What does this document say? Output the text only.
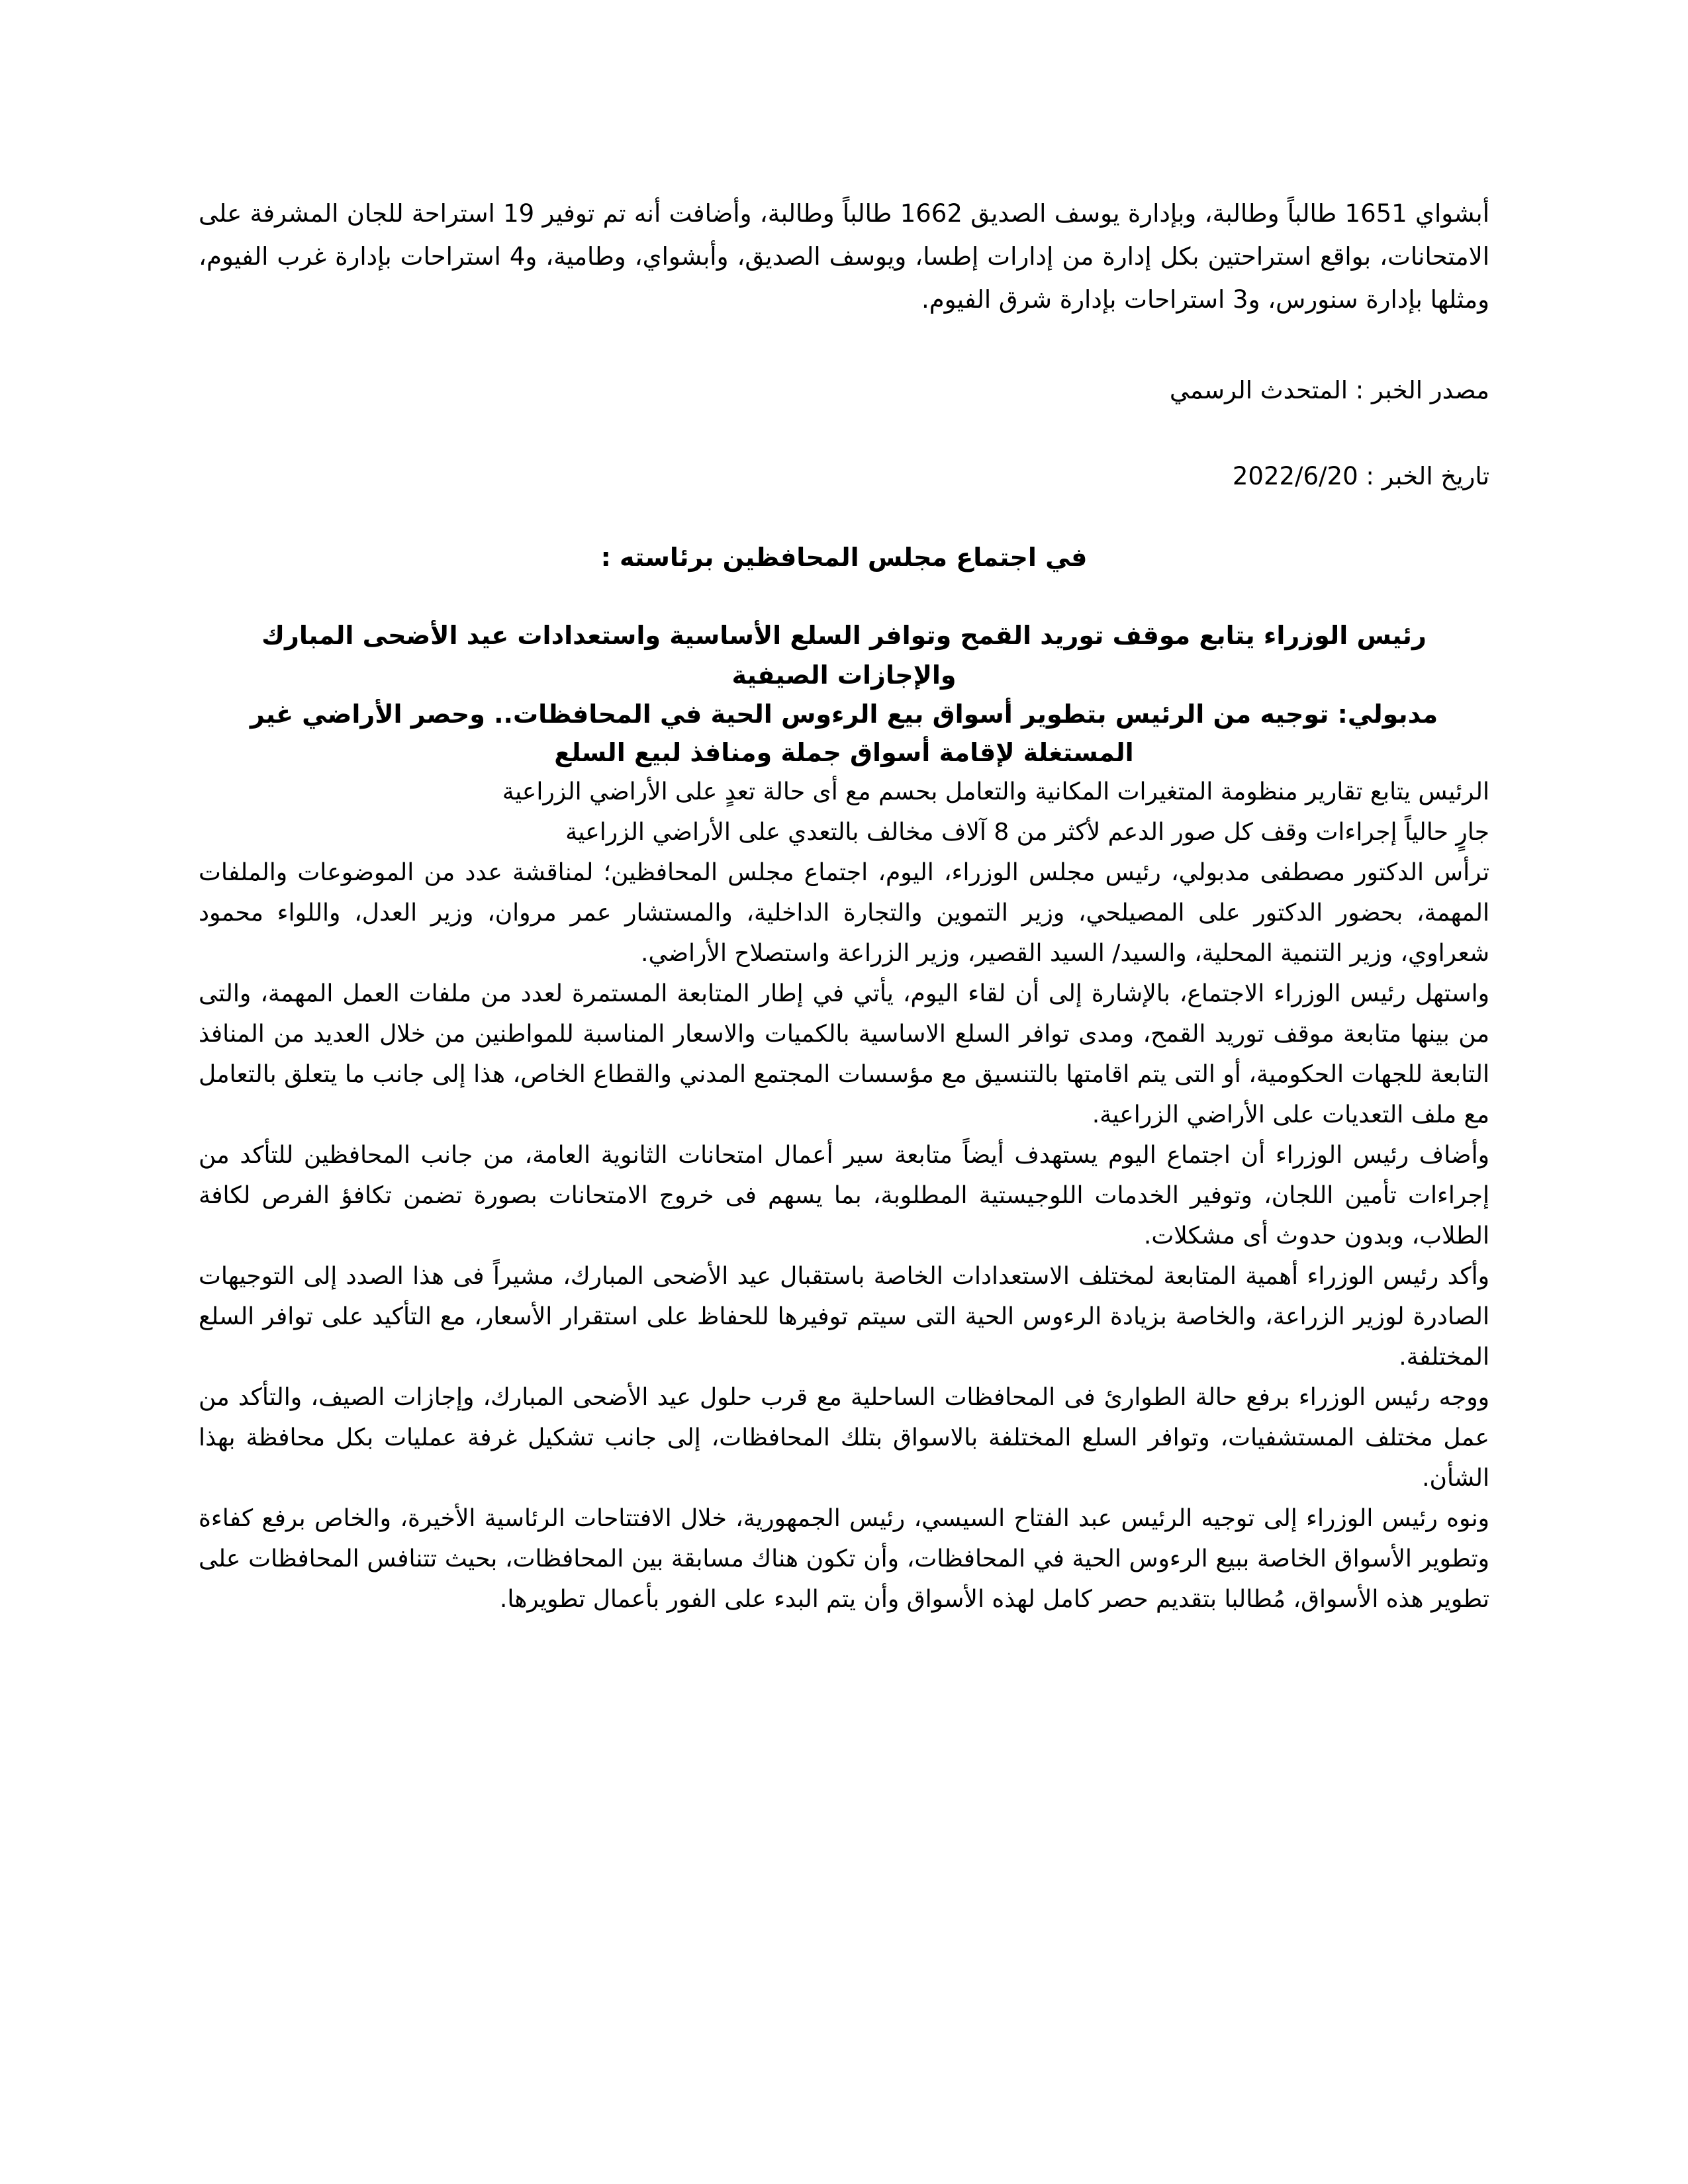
أبشواي 1651 طالباً وطالبة، وبإدارة يوسف الصديق 1662 طالباً وطالبة، وأضافت أنه تم توفير 19 استراحة للجان المشرفة على الامتحانات، بواقع استراحتين بكل إدارة من إدارات إطسا، ويوسف الصديق، وأبشواي، وطامية، و4 استراحات بإدارة غرب الفيوم، ومثلها بإدارة سنورس، و3 استراحات بإدارة شرق الفيوم.

مصدر الخبر : المتحدث الرسمي
تاريخ الخبر : 2022/6/20
في اجتماع مجلس المحافظين برئاسته :
رئيس الوزراء يتابع موقف توريد القمح وتوافر السلع الأساسية واستعدادات عيد الأضحى المبارك والإجازات الصيفية
مدبولي: توجيه من الرئيس بتطوير أسواق بيع الرءوس الحية في المحافظات.. وحصر الأراضي غير المستغلة لإقامة أسواق جملة ومنافذ لبيع السلع

الرئيس يتابع تقارير منظومة المتغيرات المكانية والتعامل بحسم مع أى حالة تعدٍ على الأراضي الزراعية

جارٍ حالياً إجراءات وقف كل صور الدعم لأكثر من 8 آلاف مخالف بالتعدي على الأراضي الزراعية

ترأس الدكتور مصطفى مدبولي، رئيس مجلس الوزراء، اليوم، اجتماع مجلس المحافظين؛ لمناقشة عدد من الموضوعات والملفات المهمة، بحضور الدكتور على المصيلحي، وزير التموين والتجارة الداخلية، والمستشار عمر مروان، وزير العدل، واللواء محمود شعراوي، وزير التنمية المحلية، والسيد/ السيد القصير، وزير الزراعة واستصلاح الأراضي.

واستهل رئيس الوزراء الاجتماع، بالإشارة إلى أن لقاء اليوم، يأتي في إطار المتابعة المستمرة لعدد من ملفات العمل المهمة، والتى من بينها متابعة موقف توريد القمح، ومدى توافر السلع الاساسية بالكميات والاسعار المناسبة للمواطنين من خلال العديد من المنافذ التابعة للجهات الحكومية، أو التى يتم اقامتها بالتنسيق مع مؤسسات المجتمع المدني والقطاع الخاص، هذا إلى جانب ما يتعلق بالتعامل مع ملف التعديات على الأراضي الزراعية.

وأضاف رئيس الوزراء أن اجتماع اليوم يستهدف أيضاً متابعة سير أعمال امتحانات الثانوية العامة، من جانب المحافظين للتأكد من إجراءات تأمين اللجان، وتوفير الخدمات اللوجيستية المطلوبة، بما يسهم فى خروج الامتحانات بصورة تضمن تكافؤ الفرص لكافة الطلاب، وبدون حدوث أى مشكلات.

وأكد رئيس الوزراء أهمية المتابعة لمختلف الاستعدادات الخاصة باستقبال عيد الأضحى المبارك، مشيراً فى هذا الصدد إلى التوجيهات الصادرة لوزير الزراعة، والخاصة بزيادة الرءوس الحية التى سيتم توفيرها للحفاظ على استقرار الأسعار، مع التأكيد على توافر السلع المختلفة.

ووجه رئيس الوزراء برفع حالة الطوارئ فى المحافظات الساحلية مع قرب حلول عيد الأضحى المبارك، وإجازات الصيف، والتأكد من عمل مختلف المستشفيات، وتوافر السلع المختلفة بالاسواق بتلك المحافظات، إلى جانب تشكيل غرفة عمليات بكل محافظة بهذا الشأن.

ونوه رئيس الوزراء إلى توجيه الرئيس عبد الفتاح السيسي، رئيس الجمهورية، خلال الافتتاحات الرئاسية الأخيرة، والخاص برفع كفاءة وتطوير الأسواق الخاصة ببيع الرءوس الحية في المحافظات، وأن تكون هناك مسابقة بين المحافظات، بحيث تتنافس المحافظات على تطوير هذه الأسواق، مُطالبا بتقديم حصر كامل لهذه الأسواق وأن يتم البدء على الفور بأعمال تطويرها.
